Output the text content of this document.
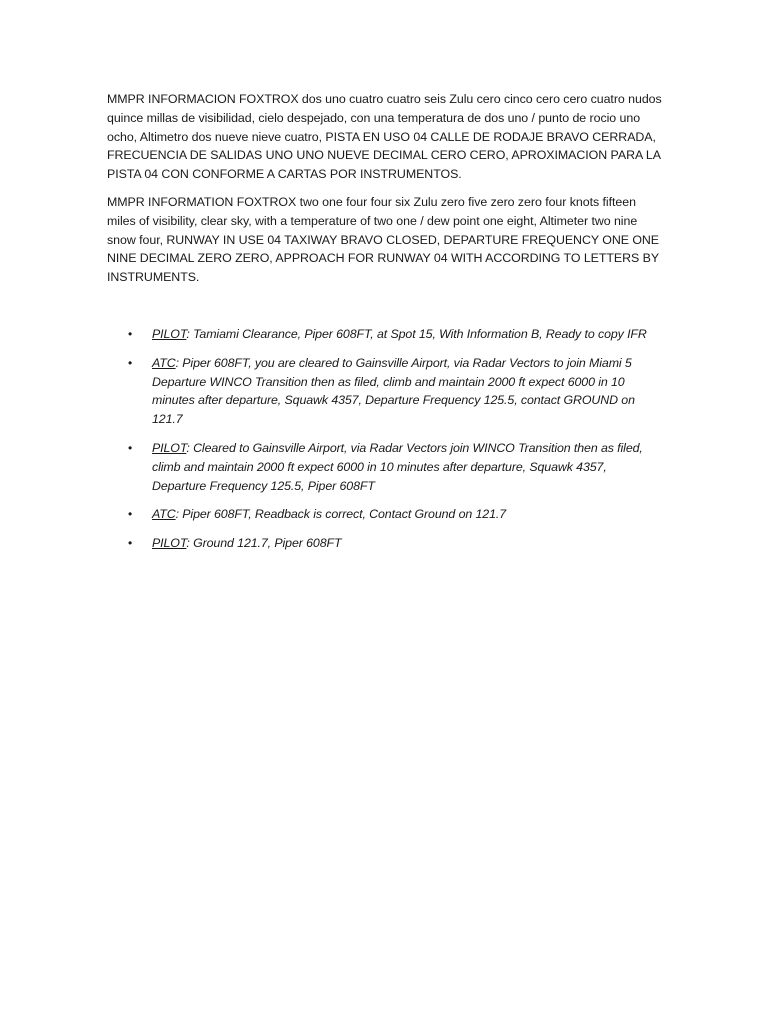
MMPR INFORMACION FOXTROX dos uno cuatro cuatro seis Zulu cero cinco cero cero cuatro nudos quince millas de visibilidad, cielo despejado, con una temperatura de dos uno / punto de rocio uno ocho, Altimetro dos nueve nieve cuatro, PISTA EN USO 04 CALLE DE RODAJE BRAVO CERRADA, FRECUENCIA DE SALIDAS UNO UNO NUEVE DECIMAL CERO CERO, APROXIMACION PARA LA PISTA 04 CON CONFORME A CARTAS POR INSTRUMENTOS.

MMPR INFORMATION FOXTROX two one four four six Zulu zero five zero zero four knots fifteen miles of visibility, clear sky, with a temperature of two one / dew point one eight, Altimeter two nine snow four, RUNWAY IN USE 04 TAXIWAY BRAVO CLOSED, DEPARTURE FREQUENCY ONE ONE NINE DECIMAL ZERO ZERO, APPROACH FOR RUNWAY 04 WITH ACCORDING TO LETTERS BY INSTRUMENTS.

• PILOT: Tamiami Clearance, Piper 608FT, at Spot 15, With Information B, Ready to copy IFR
• ATC: Piper 608FT, you are cleared to Gainsville Airport, via Radar Vectors to join Miami 5 Departure WINCO Transition then as filed, climb and maintain 2000 ft expect 6000 in 10 minutes after departure, Squawk 4357, Departure Frequency 125.5, contact GROUND on 121.7
• PILOT: Cleared to Gainsville Airport, via Radar Vectors join WINCO Transition then as filed, climb and maintain 2000 ft expect 6000 in 10 minutes after departure, Squawk 4357, Departure Frequency 125.5, Piper 608FT
• ATC: Piper 608FT, Readback is correct, Contact Ground on 121.7
• PILOT: Ground 121.7, Piper 608FT
